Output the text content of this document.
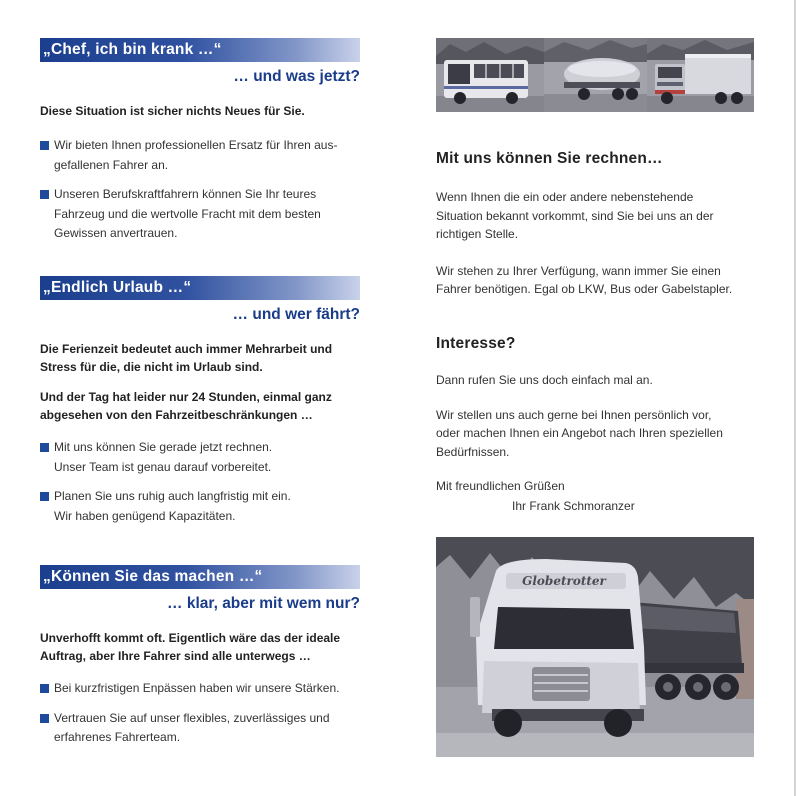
„Chef, ich bin krank …“
… und was jetzt?
Diese Situation ist sicher nichts Neues für Sie.
Wir bieten Ihnen professionellen Ersatz für Ihren aus-
gefallenen Fahrer an.
Unseren Berufskraftfahrern können Sie Ihr teures
Fahrzeug und die wertvolle Fracht mit dem besten
Gewissen anvertrauen.
„Endlich Urlaub …“
… und wer fährt?
Die Ferienzeit bedeutet auch immer Mehrarbeit und
Stress für die, die nicht im Urlaub sind.
Und der Tag hat leider nur 24 Stunden, einmal ganz
abgesehen von den Fahrzeitbeschränkungen …
Mit uns können Sie gerade jetzt rechnen.
Unser Team ist genau darauf vorbereitet.
Planen Sie uns ruhig auch langfristig mit ein.
Wir haben genügend Kapazitäten.
„Können Sie das machen …“
… klar, aber mit wem nur?
Unverhofft kommt oft. Eigentlich wäre das der ideale
Auftrag, aber Ihre Fahrer sind alle unterwegs …
Bei kurzfristigen Enpässen haben wir unsere Stärken.
Vertrauen Sie auf unser flexibles, zuverlässiges und
erfahrenes Fahrerteam.
Mit uns können Sie rechnen…

Wenn Ihnen die ein oder andere nebenstehende
Situation bekannt vorkommt, sind Sie bei uns an der
richtigen Stelle.

Wir stehen zu Ihrer Verfügung, wann immer Sie einen
Fahrer benötigen. Egal ob LKW, Bus oder Gabelstapler.

Interesse?

Dann rufen Sie uns doch einfach mal an.

Wir stellen uns auch gerne bei Ihnen persönlich vor,
oder machen Ihnen ein Angebot nach Ihren speziellen
Bedürfnissen.

Mit freundlichen Grüßen

Ihr Frank Schmoranzer

Globetrotter
